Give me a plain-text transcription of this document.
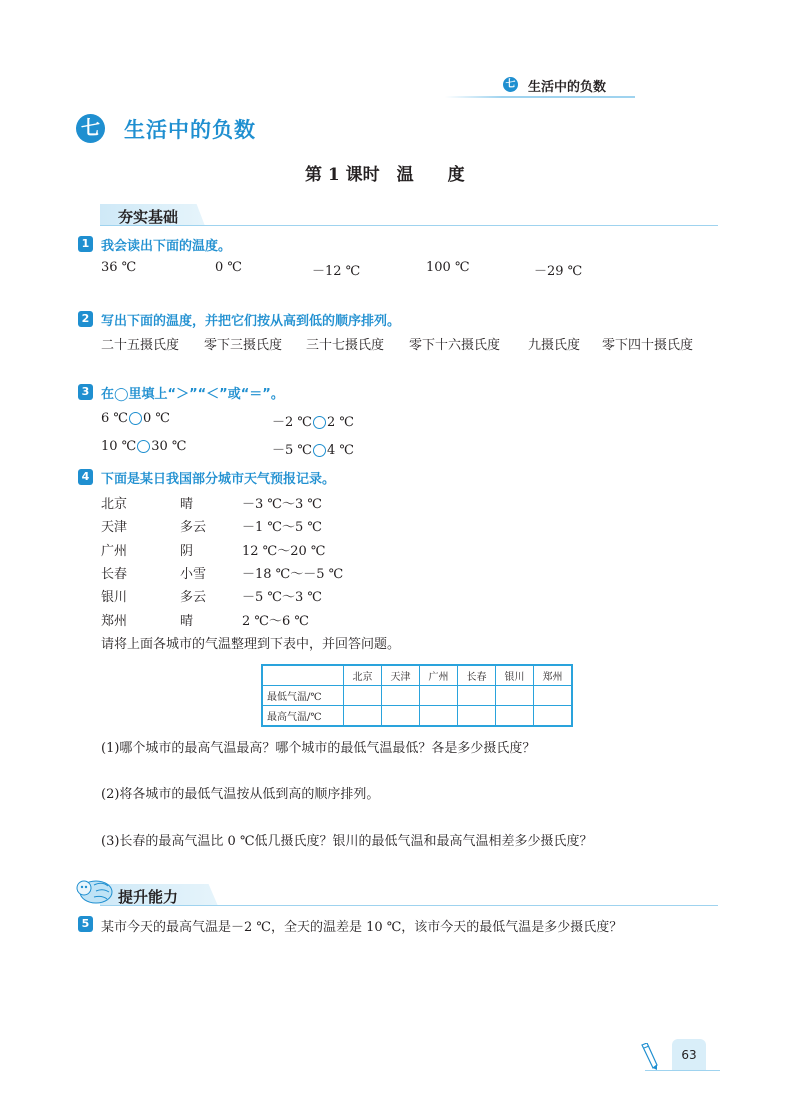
七 生活中的负数
七 生活中的负数
第 1 课时　温　　度
夯实基础
1 我会读出下面的温度。
36 ℃	0 ℃	－12 ℃	100 ℃	－29 ℃
2 写出下面的温度，并把它们按从高到低的顺序排列。
二十五摄氏度 零下三摄氏度 三十七摄氏度 零下十六摄氏度 九摄氏度 零下四十摄氏度
3 在◯里填上“＞”“＜”或“＝”。
6 ℃ 0 ℃	－2 ℃ 2 ℃
10 ℃ 30 ℃	－5 ℃ 4 ℃
4 下面是某日我国部分城市天气预报记录。
北京	晴	－3 ℃～3 ℃
天津	多云	－1 ℃～5 ℃
广州	阴	12 ℃～20 ℃
长春	小雪	－18 ℃～－5 ℃
银川	多云	－5 ℃～3 ℃
郑州	晴	2 ℃～6 ℃
请将上面各城市的气温整理到下表中，并回答问题。
	北京	天津	广州	长春	银川	郑州
最低气温/℃						
最高气温/℃						
(1)哪个城市的最高气温最高？哪个城市的最低气温最低？各是多少摄氏度？
(2)将各城市的最低气温按从低到高的顺序排列。
(3)长春的最高气温比 0 ℃低几摄氏度？银川的最低气温和最高气温相差多少摄氏度？
提升能力
5 某市今天的最高气温是－2 ℃，全天的温差是 10 ℃，该市今天的最低气温是多少摄氏度？
63
